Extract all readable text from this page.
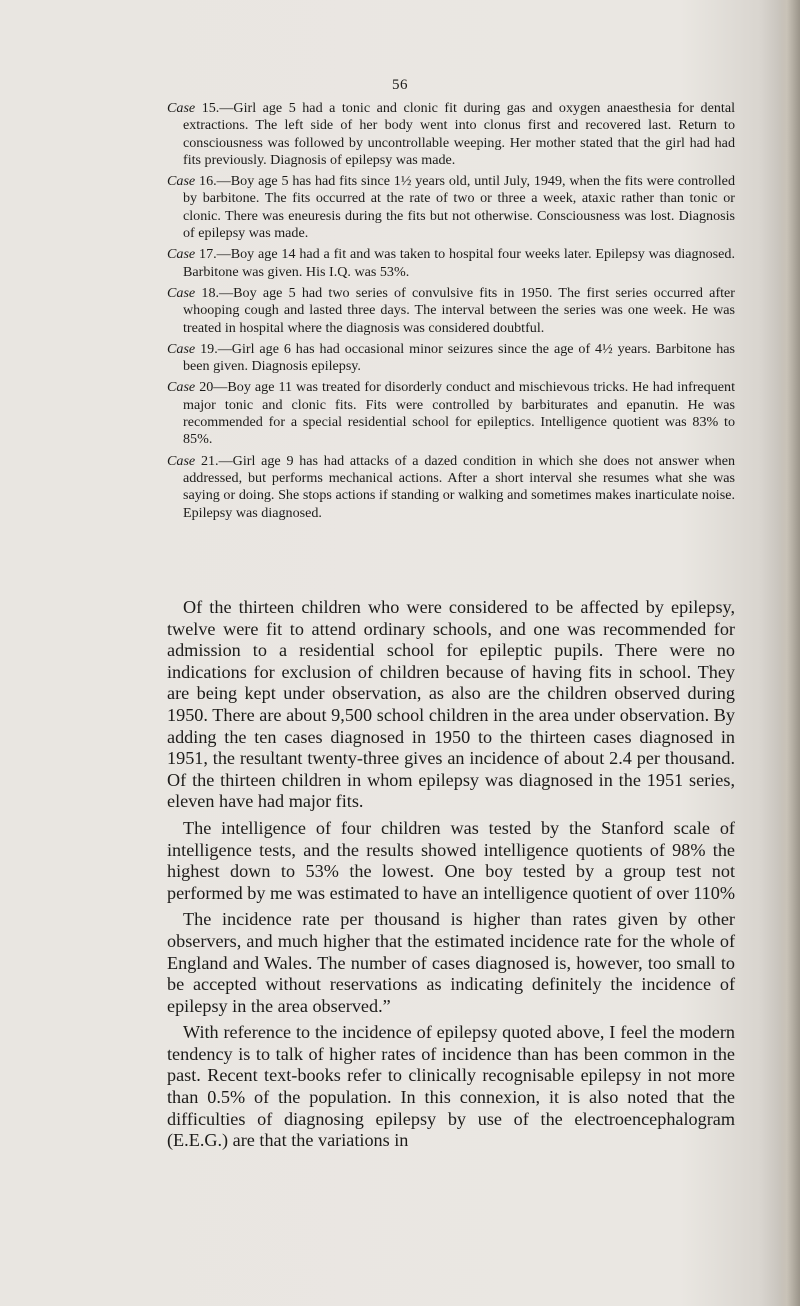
56

Case 15.—Girl age 5 had a tonic and clonic fit during gas and oxygen anaesthesia for dental extractions. The left side of her body went into clonus first and recovered last. Return to consciousness was followed by uncontrollable weeping. Her mother stated that the girl had had fits previously. Diagnosis of epilepsy was made.

Case 16.—Boy age 5 has had fits since 1½ years old, until July, 1949, when the fits were controlled by barbitone. The fits occurred at the rate of two or three a week, ataxic rather than tonic or clonic. There was eneuresis during the fits but not otherwise. Consciousness was lost. Diagnosis of epilepsy was made.

Case 17.—Boy age 14 had a fit and was taken to hospital four weeks later. Epilepsy was diagnosed. Barbitone was given. His I.Q. was 53%.

Case 18.—Boy age 5 had two series of convulsive fits in 1950. The first series occurred after whooping cough and lasted three days. The interval between the series was one week. He was treated in hospital where the diagnosis was considered doubtful.

Case 19.—Girl age 6 has had occasional minor seizures since the age of 4½ years. Barbitone has been given. Diagnosis epilepsy.

Case 20—Boy age 11 was treated for disorderly conduct and mischievous tricks. He had infrequent major tonic and clonic fits. Fits were controlled by barbiturates and epanutin. He was recommended for a special residential school for epileptics. Intelligence quotient was 83% to 85%.

Case 21.—Girl age 9 has had attacks of a dazed condition in which she does not answer when addressed, but performs mechanical actions. After a short interval she resumes what she was saying or doing. She stops actions if standing or walking and sometimes makes inarticulate noise. Epilepsy was diagnosed.

Of the thirteen children who were considered to be affected by epilepsy, twelve were fit to attend ordinary schools, and one was recommended for admission to a residential school for epileptic pupils. There were no indications for exclusion of children because of having fits in school. They are being kept under observation, as also are the children observed during 1950. There are about 9,500 school children in the area under observation. By adding the ten cases diagnosed in 1950 to the thirteen cases diagnosed in 1951, the resultant twenty-three gives an incidence of about 2.4 per thousand. Of the thirteen children in whom epilepsy was diagnosed in the 1951 series, eleven have had major fits.

The intelligence of four children was tested by the Stanford scale of intelligence tests, and the results showed intelligence quotients of 98% the highest down to 53% the lowest. One boy tested by a group test not performed by me was estimated to have an intelligence quotient of over 110%

The incidence rate per thousand is higher than rates given by other observers, and much higher that the estimated incidence rate for the whole of England and Wales. The number of cases diagnosed is, however, too small to be accepted without reservations as indicating definitely the incidence of epilepsy in the area observed.”

With reference to the incidence of epilepsy quoted above, I feel the modern tendency is to talk of higher rates of incidence than has been common in the past. Recent text-books refer to clinically recognisable epilepsy in not more than 0.5% of the population. In this connexion, it is also noted that the difficulties of diagnosing epilepsy by use of the electroencephalogram (E.E.G.) are that the variations in
